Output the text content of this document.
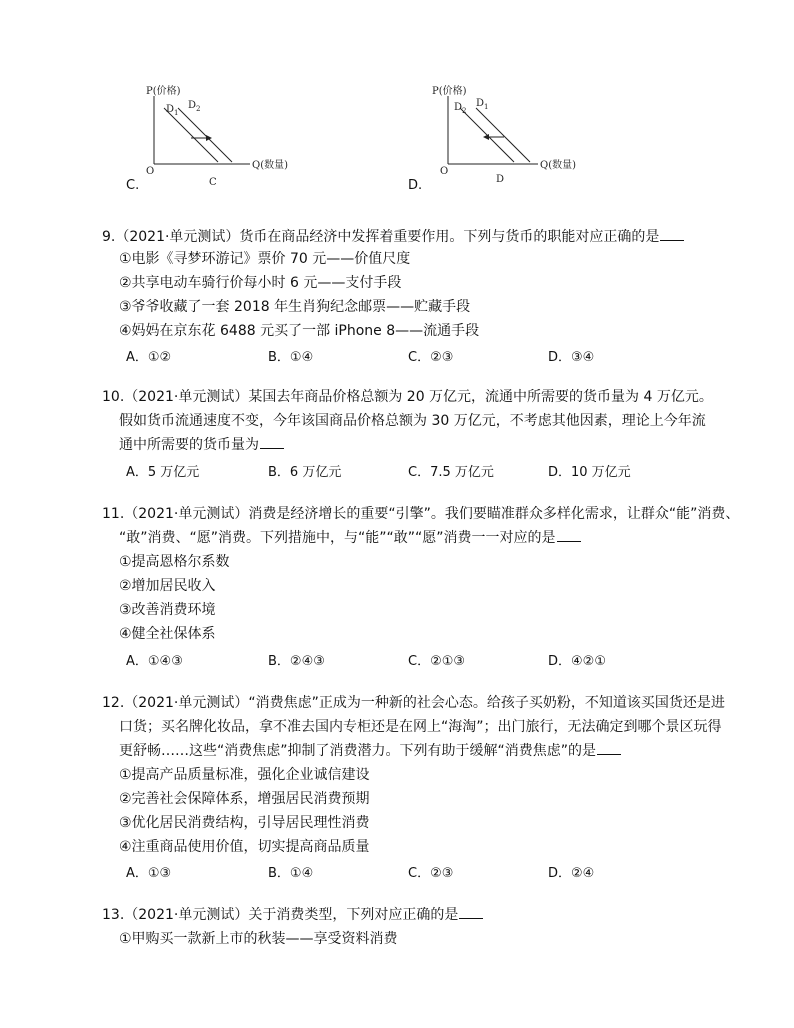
P(价格)
Q(数量)
O
D 1
D 2
C
C.
P(价格)
Q(数量)
O
D 2
D 1
D
D.
9.（2021·单元测试）货币在商品经济中发挥着重要作用。下列与货币的职能对应正确的是
①电影《寻梦环游记》票价 70 元——价值尺度
②共享电动车骑行价每小时 6 元——支付手段
③爷爷收藏了一套 2018 年生肖狗纪念邮票——贮藏手段
④妈妈在京东花 6488 元买了一部 iPhone 8——流通手段
A．①②	B．①④	C．②③	D．③④
10.（2021·单元测试）某国去年商品价格总额为 20 万亿元，流通中所需要的货币量为 4 万亿元。
假如货币流通速度不变，今年该国商品价格总额为 30 万亿元，不考虑其他因素，理论上今年流
通中所需要的货币量为
A．5 万亿元	B．6 万亿元	C．7.5 万亿元	D．10 万亿元
11.（2021·单元测试）消费是经济增长的重要“引擎”。我们要瞄准群众多样化需求，让群众“能”消费、
“敢”消费、“愿”消费。下列措施中，与“能”“敢”“愿”消费一一对应的是
①提高恩格尔系数
②增加居民收入
③改善消费环境
④健全社保体系
A．①④③	B．②④③	C．②①③	D．④②①
12.（2021·单元测试）“消费焦虑”正成为一种新的社会心态。给孩子买奶粉，不知道该买国货还是进
口货；买名牌化妆品，拿不准去国内专柜还是在网上“海淘”；出门旅行，无法确定到哪个景区玩得
更舒畅……这些“消费焦虑”抑制了消费潜力。下列有助于缓解“消费焦虑”的是
①提高产品质量标准，强化企业诚信建设
②完善社会保障体系，增强居民消费预期
③优化居民消费结构，引导居民理性消费
④注重商品使用价值，切实提高商品质量
A．①③	B．①④	C．②③	D．②④
13.（2021·单元测试）关于消费类型，下列对应正确的是
①甲购买一款新上市的秋装——享受资料消费
